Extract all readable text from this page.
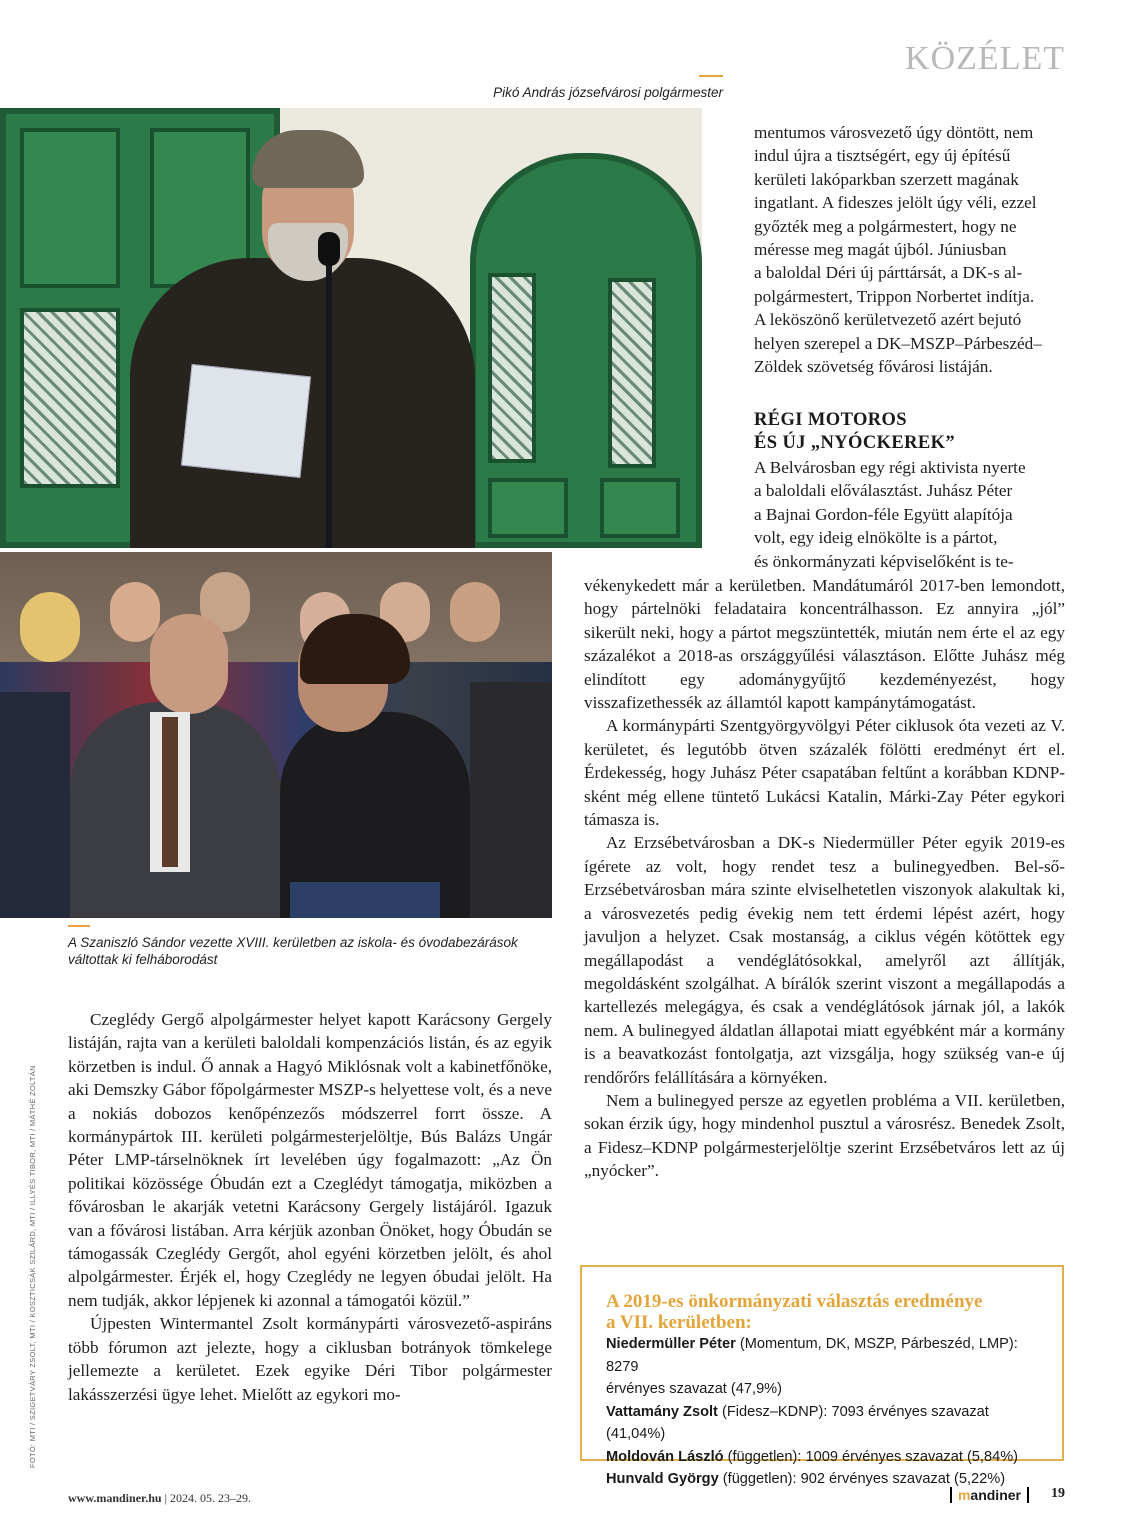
KÖZÉLET
Pikó András józsefvárosi polgármester
A Szaniszló Sándor vezette XVIII. kerületben az iskola- és óvodabezárások
váltottak ki felháborodást
mentumos városvezető úgy döntött, nem
indul újra a tisztségért, egy új építésű
kerületi lakóparkban szerzett magának
ingatlant. A fideszes jelölt úgy véli, ezzel
győzték meg a polgármestert, hogy ne
méresse meg magát újból. Júniusban
a baloldal Déri új párttársát, a DK-s al-
polgármestert, Trippon Norbertet indítja.
A leköszönő kerületvezető azért bejutó
helyen szerepel a DK–MSZP–Párbeszéd–
Zöldek szövetség fővárosi listáján.
RÉGI MOTOROS
ÉS ÚJ „NYÓCKEREK”
A Belvárosban egy régi aktivista nyerte
a baloldali előválasztást. Juhász Péter
a Bajnai Gordon-féle Együtt alapítója
volt, egy ideig elnökölte is a pártot,
és önkormányzati képviselőként is te-

vékenykedett már a kerületben. Mandátumáról 2017-ben lemondott, hogy pártelnöki feladataira koncentrálhasson. Ez annyira „jól” sikerült neki, hogy a pártot megszüntették, miután nem érte el az egy százalékot a 2018-as országgyűlési választáson. Előtte Juhász még elindított egy adománygyűjtő kezdeményezést, hogy visszafizethessék az államtól kapott kampánytámogatást.

A kormánypárti Szentgyörgyvölgyi Péter ciklusok óta vezeti az V. kerületet, és legutóbb ötven százalék fölötti eredményt ért el. Érdekesség, hogy Juhász Péter csapatában feltűnt a korábban KDNP-sként még ellene tüntető Lukácsi Katalin, Márki-Zay Péter egykori támasza is.

Az Erzsébetvárosban a DK-s Niedermüller Péter egyik 2019-es ígérete az volt, hogy rendet tesz a bulinegyedben. Bel-ső-Erzsébetvárosban mára szinte elviselhetetlen viszonyok alakultak ki, a városvezetés pedig évekig nem tett érdemi lépést azért, hogy javuljon a helyzet. Csak mostanság, a ciklus végén kötöttek egy megállapodást a vendéglátósokkal, amelyről azt állítják, megoldásként szolgálhat. A bírálók szerint viszont a megállapodás a kartellezés melegágya, és csak a vendéglátósok járnak jól, a lakók nem. A bulinegyed áldatlan állapotai miatt egyébként már a kormány is a beavatkozást fontolgatja, azt vizsgálja, hogy szükség van-e új rendőrőrs felállítására a környéken.

Nem a bulinegyed persze az egyetlen probléma a VII. kerületben, sokan érzik úgy, hogy mindenhol pusztul a városrész. Benedek Zsolt, a Fidesz–KDNP polgármesterjelöltje szerint Erzsébetváros lett az új „nyócker”.

Czeglédy Gergő alpolgármester helyet kapott Karácsony Gergely listáján, rajta van a kerületi baloldali kompenzációs listán, és az egyik körzetben is indul. Ő annak a Hagyó Miklósnak volt a kabinetfőnöke, aki Demszky Gábor főpolgármester MSZP-s helyettese volt, és a neve a nokiás dobozos kenőpénzezős módszerrel forrt össze. A kormánypártok III. kerületi polgármesterjelöltje, Bús Balázs Ungár Péter LMP-társelnöknek írt levelében úgy fogalmazott: „Az Ön politikai közössége Óbudán ezt a Czeglédyt támogatja, miközben a fővárosban le akarják vetetni Karácsony Gergely listájáról. Igazuk van a fővárosi listában. Arra kérjük azonban Önöket, hogy Óbudán se támogassák Czeglédy Gergőt, ahol egyéni körzetben jelölt, és ahol alpolgármester. Érjék el, hogy Czeglédy ne legyen óbudai jelölt. Ha nem tudják, akkor lépjenek ki azonnal a támogatói közül.”

Újpesten Wintermantel Zsolt kormánypárti városvezető-aspiráns több fórumon azt jelezte, hogy a ciklusban botrányok tömkelege jellemezte a kerületet. Ezek egyike Déri Tibor polgármester lakásszerzési ügye lehet. Mielőtt az egykori mo-

A 2019-es önkormányzati választás eredménye
a VII. kerületben:
Niedermüller Péter (Momentum, DK, MSZP, Párbeszéd, LMP): 8279
érvényes szavazat (47,9%)
Vattamány Zsolt (Fidesz–KDNP): 7093 érvényes szavazat (41,04%)
Moldován László (független): 1009 érvényes szavazat (5,84%)
Hunvald György (független): 902 érvényes szavazat (5,22%)
FOTÓ: MTI / SZIGETVÁRY ZSOLT, MTI / KOSZTICSÁK SZILÁRD, MTI / ILLYÉS TIBOR, MTI / MÁTHÉ ZOLTÁN
www.mandiner.hu | 2024. 05. 23–29.	mandiner	19
